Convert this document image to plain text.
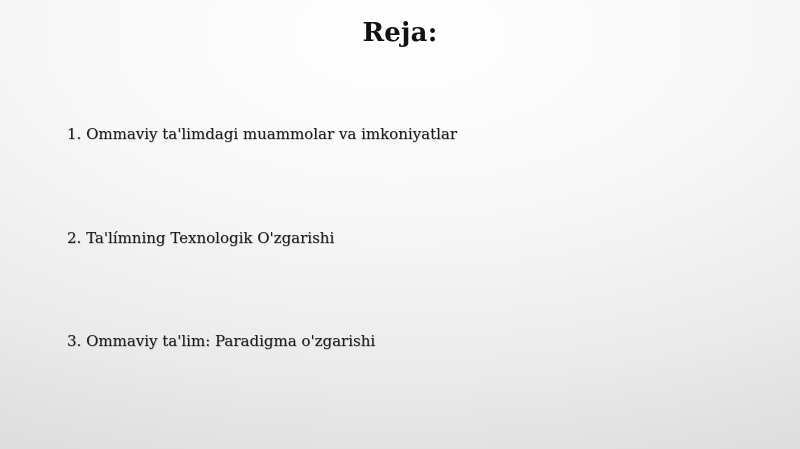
Reja:
1. Ommaviy ta'limdagi muammolar va imkoniyatlar
2. Ta'límning Texnologik O'zgarishi
3. Ommaviy ta'lim: Paradigma o'zgarishi
